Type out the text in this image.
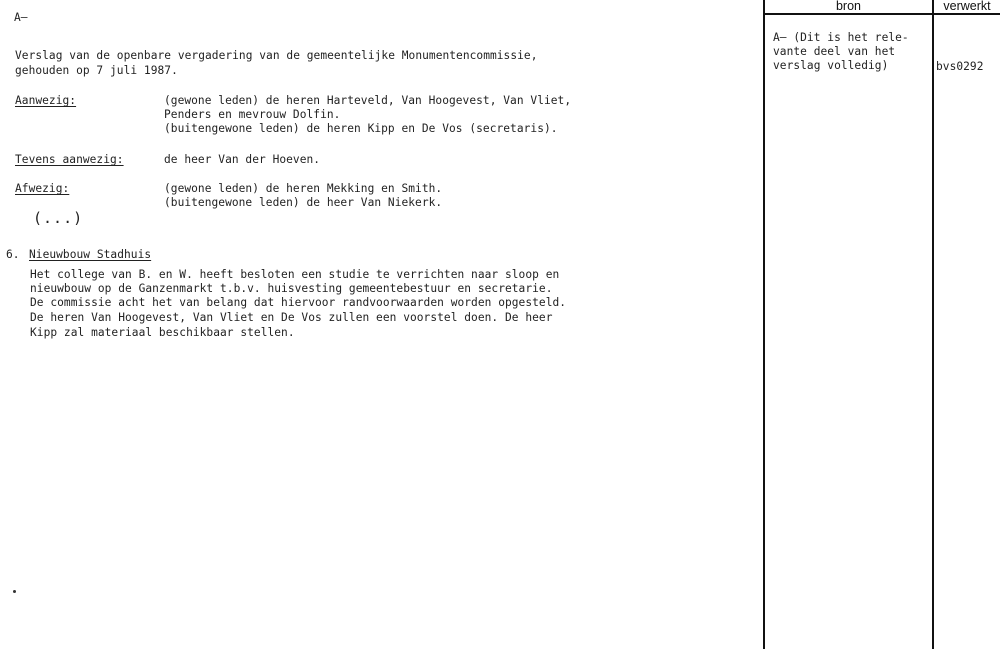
A–
bron	verwerkt
Verslag van de openbare vergadering van de gemeentelijke Monumentencommissie,
gehouden op 7 juli 1987.
Aanwezig:	(gewone leden) de heren Harteveld, Van Hoogevest, Van Vliet,
Penders en mevrouw Dolfin.
(buitengewone leden) de heren Kipp en De Vos (secretaris).
Tevens aanwezig:	de heer Van der Hoeven.
Afwezig:	(gewone leden) de heren Mekking en Smith.
(buitengewone leden) de heer Van Niekerk.
(...)
6. Nieuwbouw Stadhuis
Het college van B. en W. heeft besloten een studie te verrichten naar sloop en
nieuwbouw op de Ganzenmarkt t.b.v. huisvesting gemeentebestuur en secretarie.
De commissie acht het van belang dat hiervoor randvoorwaarden worden opgesteld.
De heren Van Hoogevest, Van Vliet en De Vos zullen een voorstel doen. De heer
Kipp zal materiaal beschikbaar stellen.
A– (Dit is het rele-
vante deel van het
verslag volledig)	bvs0292
